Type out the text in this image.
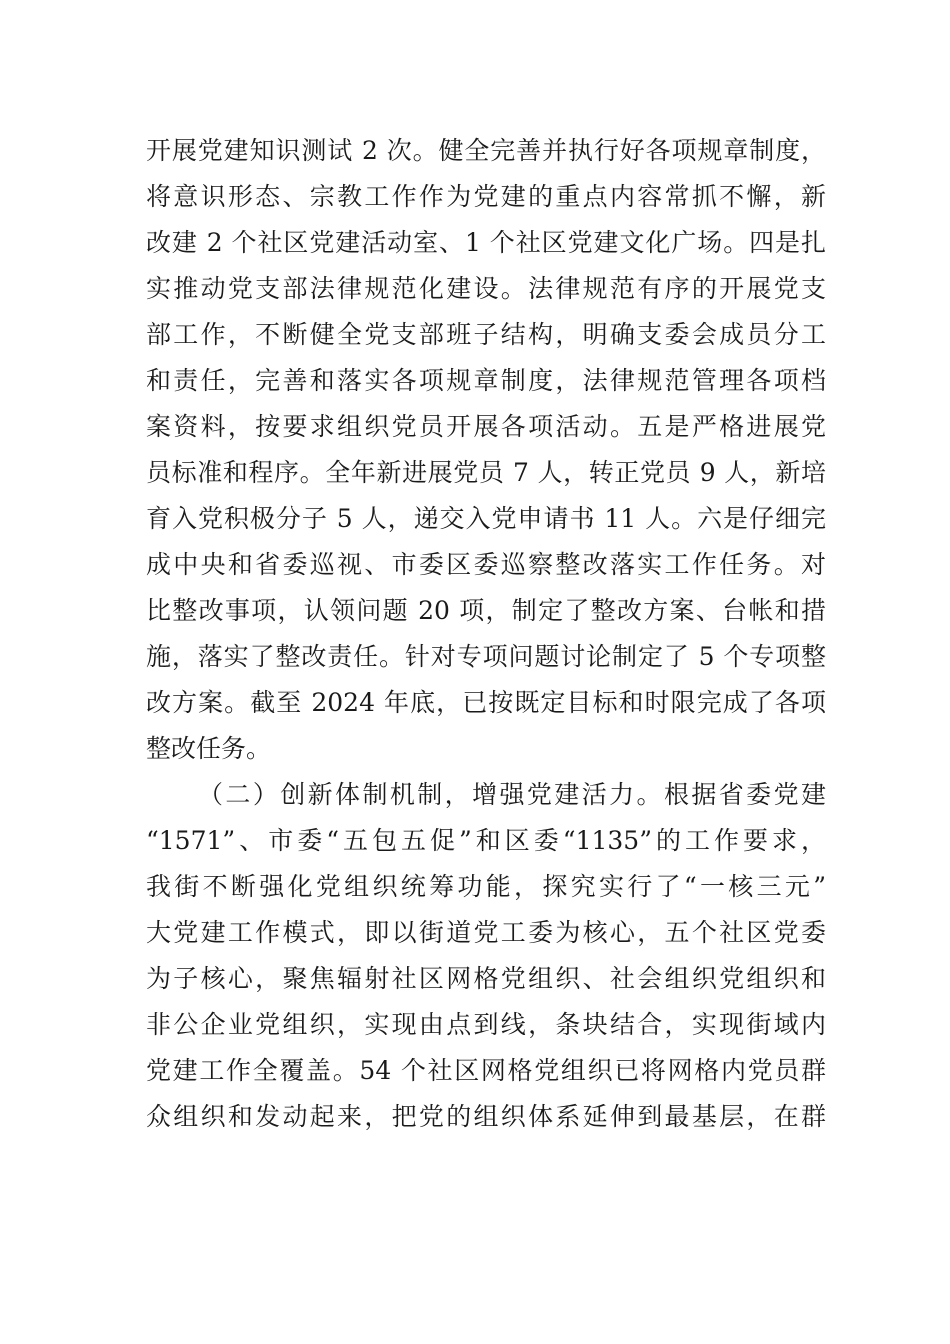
开展党建知识测试 2 次。健全完善并执行好各项规章制度，
将意识形态、宗教工作作为党建的重点内容常抓不懈，新
改建 2 个社区党建活动室、1 个社区党建文化广场。四是扎
实推动党支部法律规范化建设。法律规范有序的开展党支
部工作，不断健全党支部班子结构，明确支委会成员分工
和责任，完善和落实各项规章制度，法律规范管理各项档
案资料，按要求组织党员开展各项活动。五是严格进展党
员标准和程序。全年新进展党员 7 人，转正党员 9 人，新培
育入党积极分子 5 人，递交入党申请书 11 人。六是仔细完
成中央和省委巡视、市委区委巡察整改落实工作任务。对
比整改事项，认领问题 20 项，制定了整改方案、台帐和措
施，落实了整改责任。针对专项问题讨论制定了 5 个专项整
改方案。截至 2024 年底，已按既定目标和时限完成了各项
整改任务。
（二）创新体制机制，增强党建活力。根据省委党建
“1571”、市委“五包五促”和区委“1135”的工作要求，
我街不断强化党组织统筹功能，探究实行了“一核三元”
大党建工作模式，即以街道党工委为核心，五个社区党委
为子核心，聚焦辐射社区网格党组织、社会组织党组织和
非公企业党组织，实现由点到线，条块结合，实现街域内
党建工作全覆盖。54 个社区网格党组织已将网格内党员群
众组织和发动起来，把党的组织体系延伸到最基层，在群
